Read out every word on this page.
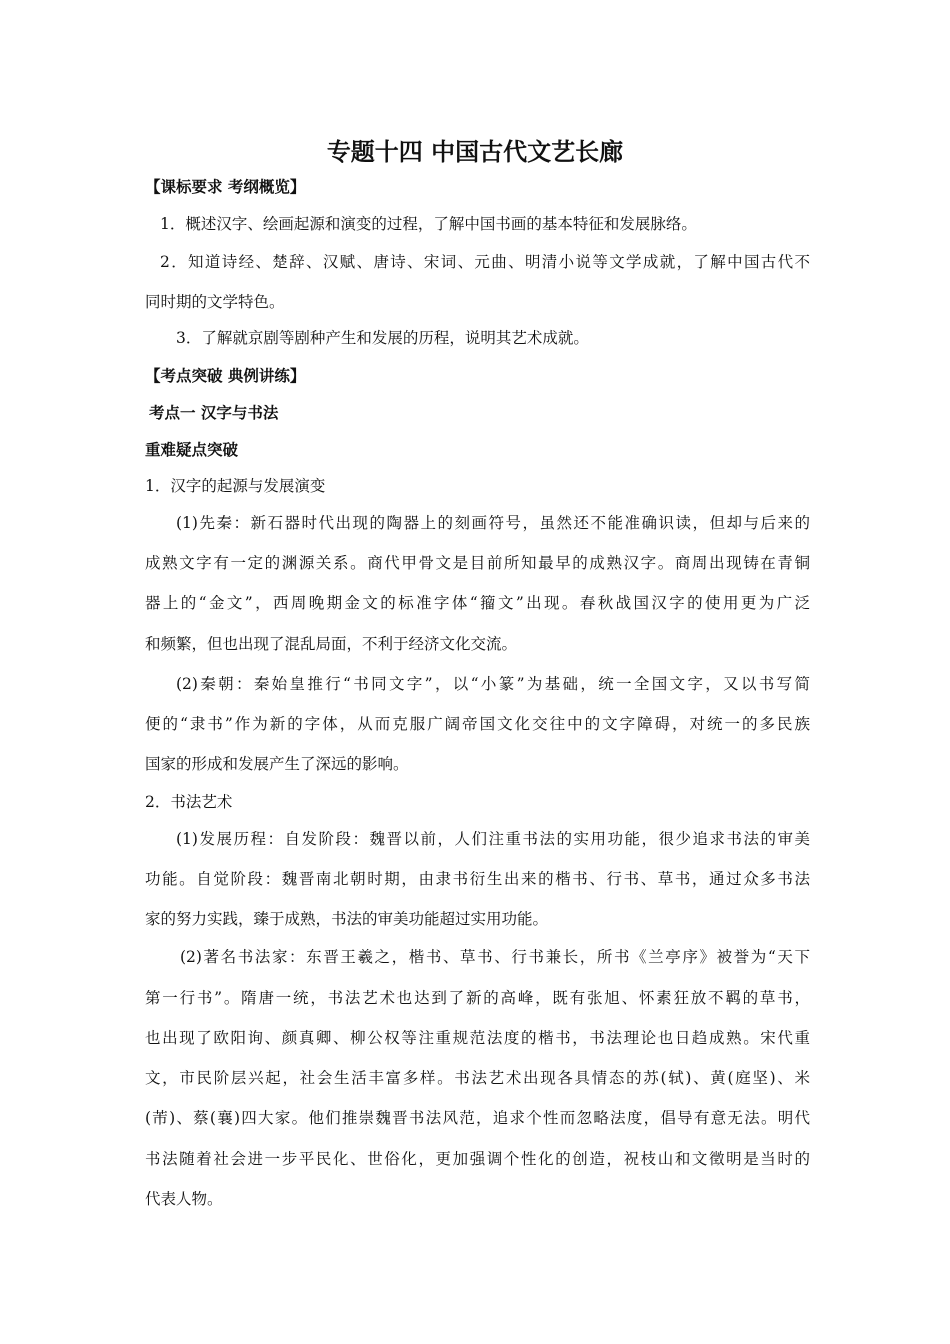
专题十四 中国古代文艺长廊
【课标要求 考纲概览】
1．概述汉字、绘画起源和演变的过程，了解中国书画的基本特征和发展脉络。
2．知道诗经、楚辞、汉赋、唐诗、宋词、元曲、明清小说等文学成就，了解中国古代不
同时期的文学特色。
3．了解就京剧等剧种产生和发展的历程，说明其艺术成就。
【考点突破 典例讲练】
考点一 汉字与书法
重难疑点突破
1．汉字的起源与发展演变
(1)先秦：新石器时代出现的陶器上的刻画符号，虽然还不能准确识读，但却与后来的
成熟文字有一定的渊源关系。商代甲骨文是目前所知最早的成熟汉字。商周出现铸在青铜
器上的“金文”，西周晚期金文的标准字体“籀文”出现。春秋战国汉字的使用更为广泛
和频繁，但也出现了混乱局面，不利于经济文化交流。
(2)秦朝：秦始皇推行“书同文字”，以“小篆”为基础，统一全国文字，又以书写简
便的“隶书”作为新的字体，从而克服广阔帝国文化交往中的文字障碍，对统一的多民族
国家的形成和发展产生了深远的影响。
2．书法艺术
(1)发展历程：自发阶段：魏晋以前，人们注重书法的实用功能，很少追求书法的审美
功能。自觉阶段：魏晋南北朝时期，由隶书衍生出来的楷书、行书、草书，通过众多书法
家的努力实践，臻于成熟，书法的审美功能超过实用功能。
(2)著名书法家：东晋王羲之，楷书、草书、行书兼长，所书《兰亭序》被誉为“天下
第一行书”。隋唐一统，书法艺术也达到了新的高峰，既有张旭、怀素狂放不羁的草书，
也出现了欧阳询、颜真卿、柳公权等注重规范法度的楷书，书法理论也日趋成熟。宋代重
文，市民阶层兴起，社会生活丰富多样。书法艺术出现各具情态的苏(轼)、黄(庭坚)、米
(芾)、蔡(襄)四大家。他们推崇魏晋书法风范，追求个性而忽略法度，倡导有意无法。明代
书法随着社会进一步平民化、世俗化，更加强调个性化的创造，祝枝山和文徵明是当时的
代表人物。
